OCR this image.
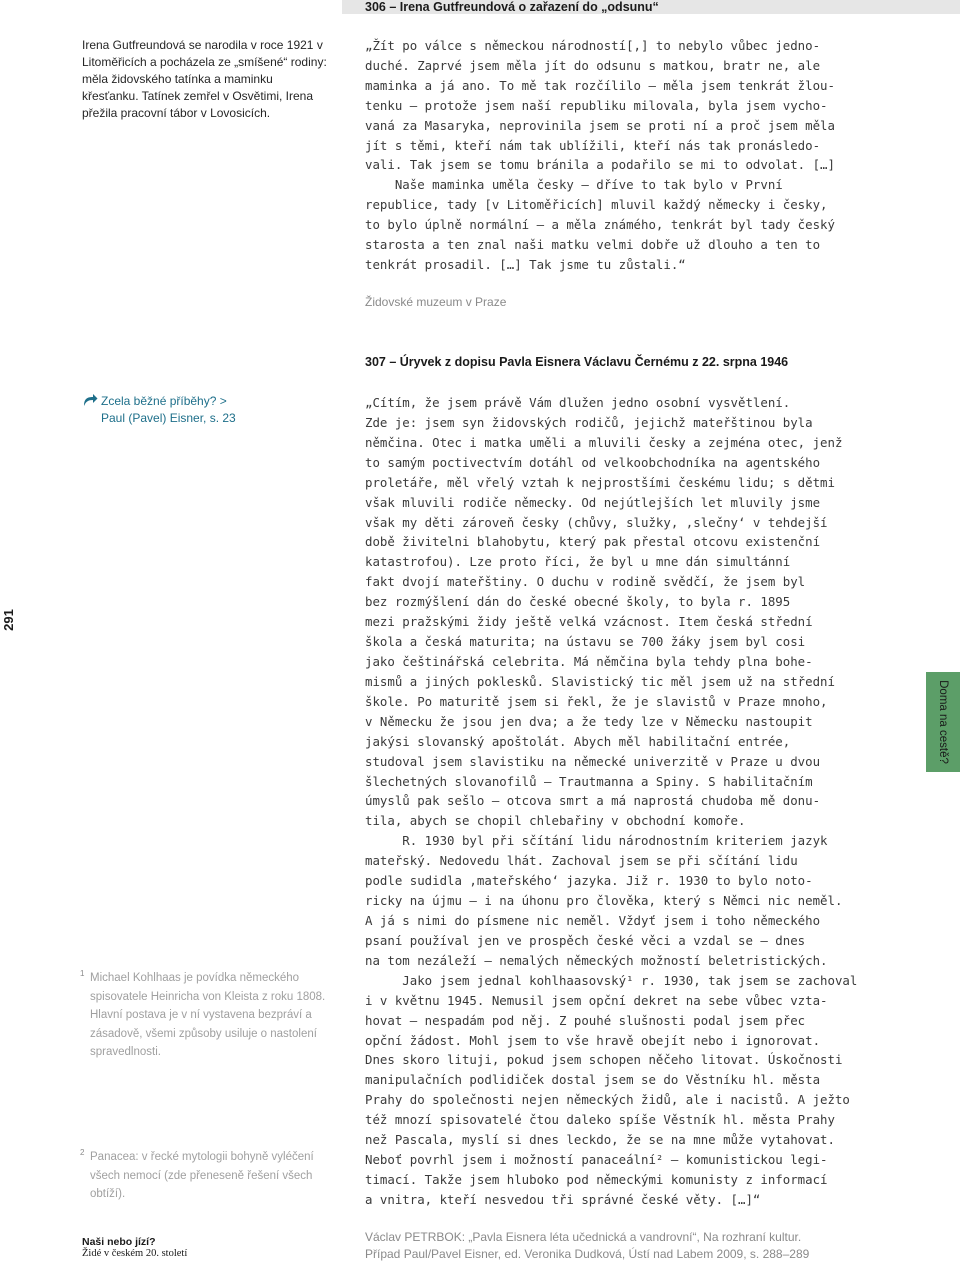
306 – Irena Gutfreundová o zařazení do „odsunu“
Irena Gutfreundová se narodila v roce 1921 v Litoměřicích a pocházela ze „smíšené“ rodiny: měla židovského tatínka a maminku křesťanku. Tatínek zemřel v Osvětimi, Irena přežila pracovní tábor v Lovosicích.

„Žít po válce s německou národností[,] to nebylo vůbec jedno-

duché. Zaprvé jsem měla jít do odsunu s matkou, bratr ne, ale

maminka a já ano. To mě tak rozčílilo – měla jsem tenkrát žlou-

tenku – protože jsem naší republiku milovala, byla jsem vycho-

vaná za Masaryka, neprovinila jsem se proti ní a proč jsem měla

jít s těmi, kteří nám tak ublížili, kteří nás tak pronásledo-

vali. Tak jsem se tomu bránila a podařilo se mi to odvolat. […]

Naše maminka uměla česky – dříve to tak bylo v První

republice, tady [v Litoměřicích] mluvil každý německy i česky,

to bylo úplně normální – a měla známého, tenkrát byl tady český

starosta a ten znal naši matku velmi dobře už dlouho a ten to

tenkrát prosadil. […] Tak jsme tu zůstali.“

Židovské muzeum v Praze
307 – Úryvek z dopisu Pavla Eisnera Václavu Černému z 22. srpna 1946
Zcela běžné příběhy? >
Paul (Pavel) Eisner, s. 23

„Cítím, že jsem právě Vám dlužen jedno osobní vysvětlení.

Zde je: jsem syn židovských rodičů, jejichž mateřštinou byla

němčina. Otec i matka uměli a mluvili česky a zejména otec, jenž

to samým poctivectvím dotáhl od velkoobchodníka na agentského

proletáře, měl vřelý vztah k nejprostšími českému lidu; s dětmi

však mluvili rodiče německy. Od nejútlejších let mluvily jsme

však my děti zároveň česky (chůvy, služky, ‚slečny‘ v tehdejší

době živitelni blahobytu, který pak přestal otcovu existenční

katastrofou). Lze proto říci, že byl u mne dán simultánní

fakt dvojí mateřštiny. O duchu v rodině svědčí, že jsem byl

bez rozmýšlení dán do české obecné školy, to byla r. 1895

mezi pražskými židy ještě velká vzácnost. Item česká střední

škola a česká maturita; na ústavu se 700 žáky jsem byl cosi

jako češtinářská celebrita. Má němčina byla tehdy plna bohe-

mismů a jiných poklesků. Slavistický tic měl jsem už na střední

škole. Po maturitě jsem si řekl, že je slavistů v Praze mnoho,

v Německu že jsou jen dva; a že tedy lze v Německu nastoupit

jakýsi slovanský apoštolát. Abych měl habilitační entrée,

studoval jsem slavistiku na německé univerzitě v Praze u dvou

šlechetných slovanofilů – Trautmanna a Spiny. S habilitačním

úmyslů pak sešlo – otcova smrt a má naprostá chudoba mě donu-

tila, abych se chopil chlebařiny v obchodní komoře.

R. 1930 byl při sčítání lidu národnostním kriteriem jazyk

mateřský. Nedovedu lhát. Zachoval jsem se při sčítání lidu

podle sudidla ‚mateřského‘ jazyka. Již r. 1930 to bylo noto-

ricky na újmu – i na úhonu pro člověka, který s Němci nic neměl.

A já s nimi do písmene nic neměl. Vždyť jsem i toho německého

psaní používal jen ve prospěch české věci a vzdal se – dnes

na tom nezáleží – nemalých německých možností beletristických.

Jako jsem jednal kohlhaasovský¹ r. 1930, tak jsem se zachoval

i v květnu 1945. Nemusil jsem opční dekret na sebe vůbec vzta-

hovat – nespadám pod něj. Z pouhé slušnosti podal jsem přec

opční žádost. Mohl jsem to vše hravě obejít nebo i ignorovat.

Dnes skoro lituji, pokud jsem schopen něčeho litovat. Úskočnosti

manipulačních podlidiček dostal jsem se do Věstníku hl. města

Prahy do společnosti nejen německých židů, ale i nacistů. A ježto

též mnozí spisovatelé čtou daleko spíše Věstník hl. města Prahy

než Pascala, myslí si dnes leckdo, že se na mne může vytahovat.

Neboť povrhl jsem i možností panaceální² – komunistickou legi-

timací. Takže jsem hluboko pod německými komunisty z informací

a vnitra, kteří nesvedou tři správné české věty. […]“

1 Michael Kohlhaas je povídka německého spisovatele Heinricha von Kleista z roku 1808. Hlavní postava je v ní vystavena bezpráví a zásadově, všemi způsoby usiluje o nastolení spravedlnosti.
2 Panacea: v řecké mytologii bohyně vyléčení všech nemocí (zde přeneseně řešení všech obtíží).
291
Doma na cestě?
Naši nebo jízí?
Židé v českém 20. století
Václav PETRBOK: „Pavla Eisnera léta učednická a vandrovní“, Na rozhraní kultur.
Případ Paul/Pavel Eisner, ed. Veronika Dudková, Ústí nad Labem 2009, s. 288–289
